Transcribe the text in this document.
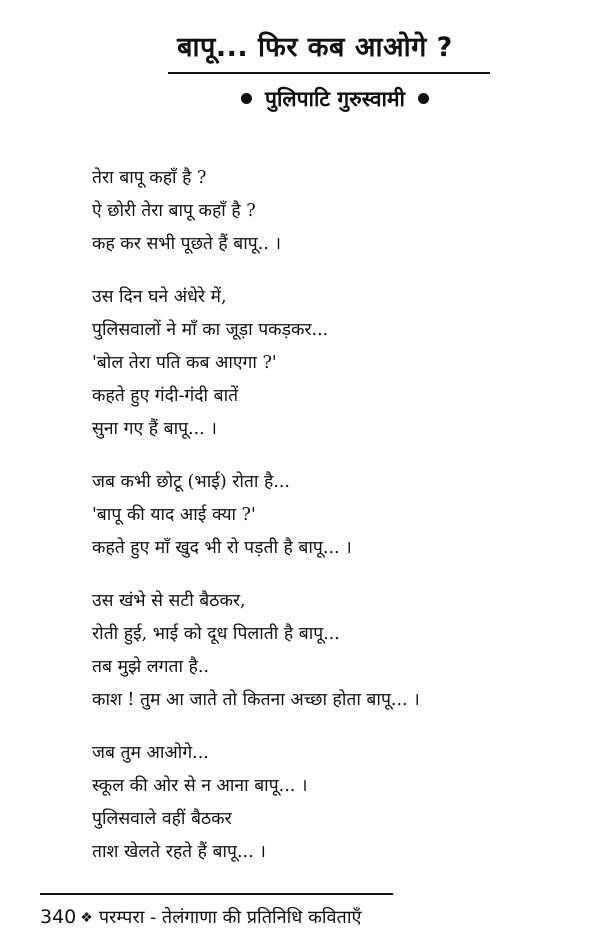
बापू... फिर कब आओगे ?
पुलिपाटि गुरुस्वामी
तेरा बापू कहाँ है ?
ऐ छोरी तेरा बापू कहाँ है ?
कह कर सभी पूछते हैं बापू.. ।
उस दिन घने अंधेरे में,
पुलिसवालों ने माँ का जूड़ा पकड़कर...
'बोल तेरा पति कब आएगा ?'
कहते हुए गंदी-गंदी बातें
सुना गए हैं बापू... ।
जब कभी छोटू (भाई) रोता है...
'बापू की याद आई क्या ?'
कहते हुए माँ खुद भी रो पड़ती है बापू... ।
उस खंभे से सटी बैठकर,
रोती हुई, भाई को दूध पिलाती है बापू...
तब मुझे लगता है..
काश ! तुम आ जाते तो कितना अच्छा होता बापू... ।
जब तुम आओगे...
स्कूल की ओर से न आना बापू... ।
पुलिसवाले वहीं बैठकर
ताश खेलते रहते हैं बापू... ।
340 ❖ परम्परा - तेलंगाणा की प्रतिनिधि कविताएँ
